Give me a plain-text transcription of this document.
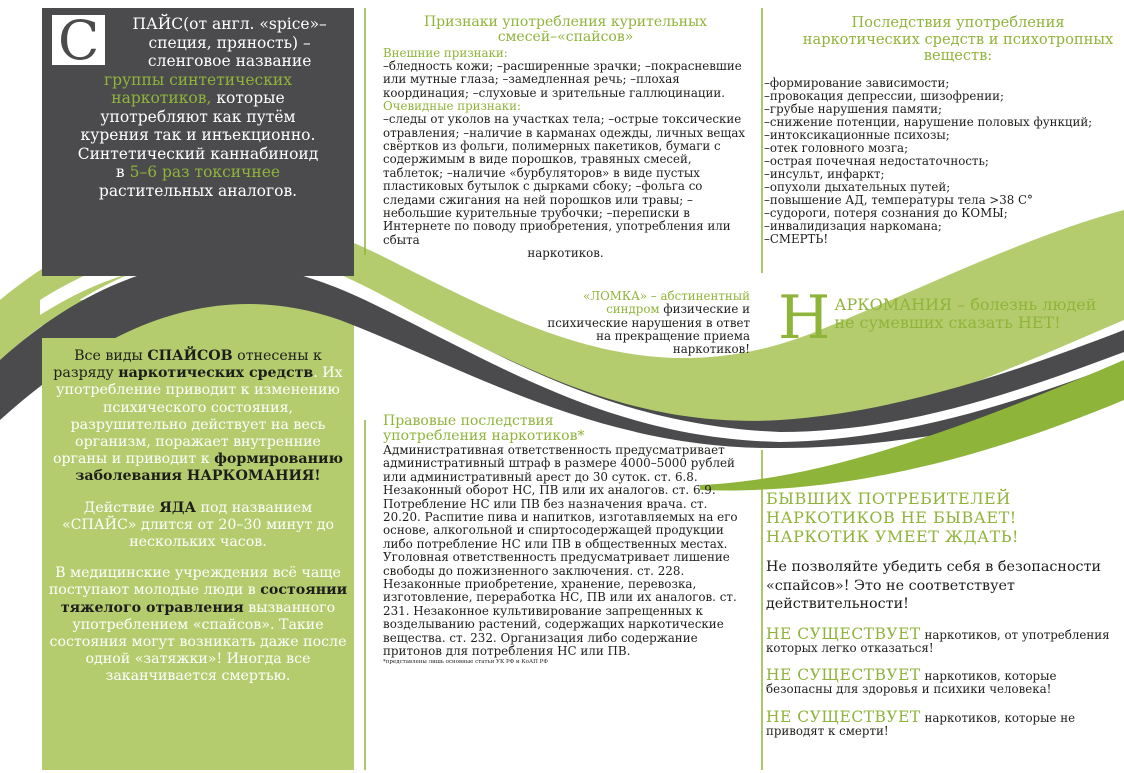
С	ПАЙС(от англ. «spice»–
специя, пряность) –
сленговое название
группы синтетических
наркотиков, которые
употребляют как путём
курения так и инъекционно.
Синтетический каннабиноид
в 5–6 раз токсичнее
растительных аналогов.

Все виды СПАЙСОВ отнесены к разряду наркотических средств. Их употребление приводит к изменению психического состояния, разрушительно действует на весь организм, поражает внутренние органы и приводит к формированию заболевания НАРКОМАНИЯ!

Действие ЯДА под названием «СПАЙС» длится от 20–30 минут до нескольких часов.

В медицинские учреждения всё чаще поступают молодые люди в состоянии тяжелого отравления вызванного употреблением «спайсов». Такие состояния могут возникать даже после одной «затяжки»! Иногда все заканчивается смертью.

Признаки употребления курительных смесей–«спайсов»
Внешние признаки:
–бледность кожи; –расширенные зрачки; –покрасневшие или мутные глаза; –замедленная речь; –плохая координация; –слуховые и зрительные галлюцинации.
Очевидные признаки:
–следы от уколов на участках тела; –острые токсические отравления; –наличие в карманах одежды, личных вещах свёртков из фольги, полимерных пакетиков, бумаги с содержимым в виде порошков, травяных смесей, таблеток; –наличие «бурбуляторов» в виде пустых пластиковых бутылок с дырками сбоку; –фольга со следами сжигания на ней порошков или травы; –небольшие курительные трубочки; –переписки в Интернете по поводу приобретения, употребления или сбыта
наркотиков.
«ЛОМКА» – абстинентный синдром физические и психические нарушения в ответ на прекращение приема наркотиков!
Правовые последствия употребления наркотиков*
Административная ответственность предусматривает административный штраф в размере 4000–5000 рублей или административный арест до 30 суток. ст. 6.8. Незаконный оборот НС, ПВ или их аналогов. ст. 6.9. Потребление НС или ПВ без назначения врача. ст. 20.20. Распитие пива и напитков, изготавляемых на его основе, алкогольной и спиртосодержащей продукции либо потребление НС или ПВ в общественных местах. Уголовная ответственность предусматривает лишение свободы до пожизненного заключения. ст. 228. Незаконные приобретение, хранение, перевозка, изготовление, переработка НС, ПВ или их аналогов. ст. 231. Незаконное культивирование запрещенных к возделыванию растений, содержащих наркотические вещества. ст. 232. Организация либо содержание притонов для потребления НС или ПВ.
*представлены лишь основные статьи УК РФ и КоАП РФ
Последствия употребления наркотических средств и психотропных веществ:
–формирование зависимости;
–провокация депрессии, шизофрении;
–грубые нарушения памяти;
–снижение потенции, нарушение половых функций;
–интоксикационные психозы;
–отек головного мозга;
–острая почечная недостаточность;
–инсульт, инфаркт;
–опухоли дыхательных путей;
–повышение АД, температуры тела >38 С°
–судороги, потеря сознания до КОМЫ;
–инвалидизация наркомана;
–СМЕРТЬ!
Н АРКОМАНИЯ – болезнь людей не сумевших сказать НЕТ!
БЫВШИХ ПОТРЕБИТЕЛЕЙ НАРКОТИКОВ НЕ БЫВАЕТ! НАРКОТИК УМЕЕТ ЖДАТЬ!
Не позволяйте убедить себя в безопасности «спайсов»! Это не соответствует действительности!
НЕ СУЩЕСТВУЕТ наркотиков, от употребления которых легко отказаться!
НЕ СУЩЕСТВУЕТ наркотиков, которые безопасны для здоровья и психики человека!
НЕ СУЩЕСТВУЕТ наркотиков, которые не приводят к смерти!
